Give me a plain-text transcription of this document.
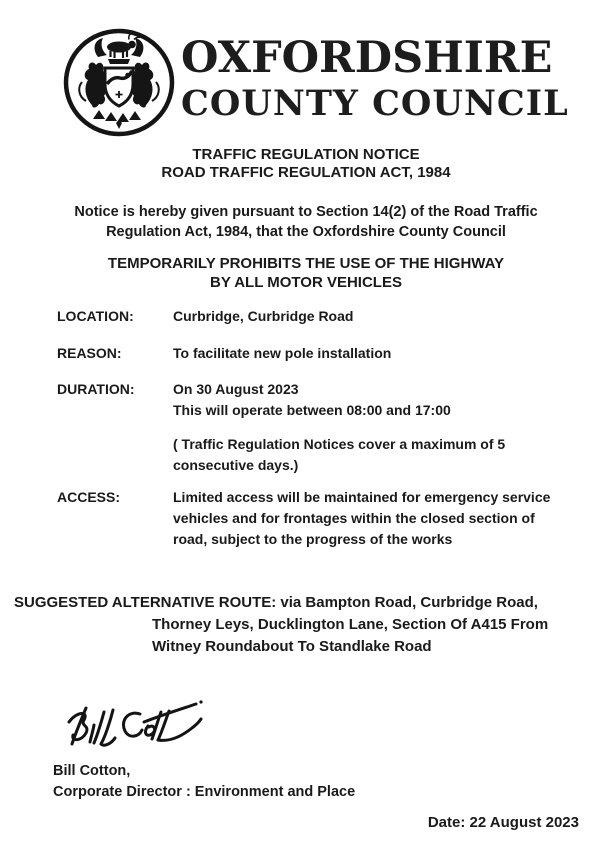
OXFORDSHIRE
COUNTY COUNCIL
TRAFFIC REGULATION NOTICE
ROAD TRAFFIC REGULATION ACT, 1984
Notice is hereby given pursuant to Section 14(2) of the Road Traffic
Regulation Act, 1984, that the Oxfordshire County Council
TEMPORARILY PROHIBITS THE USE OF THE HIGHWAY
BY ALL MOTOR VEHICLES
LOCATION:	Curbridge, Curbridge Road
REASON:	To facilitate new pole installation
DURATION:	On 30 August 2023
This will operate between 08:00 and 17:00
( Traffic Regulation Notices cover a maximum of 5
consecutive days.)
ACCESS:	Limited access will be maintained for emergency service
vehicles and for frontages within the closed section of
road, subject to the progress of the works
SUGGESTED ALTERNATIVE ROUTE: via Bampton Road, Curbridge Road,
Thorney Leys, Ducklington Lane, Section Of A415 From
Witney Roundabout To Standlake Road
Bill Cotton,
Corporate Director : Environment and Place
Date: 22 August 2023
